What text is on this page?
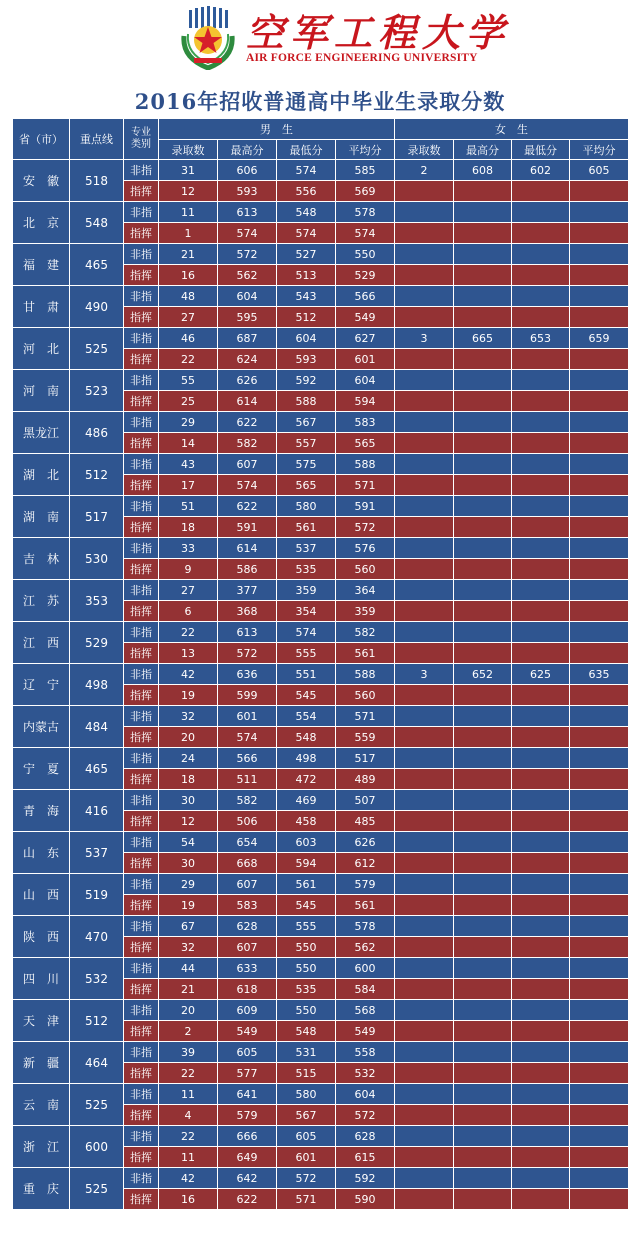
空军工程大学
AIR FORCE ENGINEERING UNIVERSITY
2016年招收普通高中毕业生录取分数
省（市）	重点线	专业
类别	男　生				女　生			
			录取数	最高分	最低分	平均分	录取数	最高分	最低分	平均分
安　徽	518	非指	31	606	574	585	2	608	602	605
		指挥	12	593	556	569				
北　京	548	非指	11	613	548	578				
		指挥	1	574	574	574				
福　建	465	非指	21	572	527	550				
		指挥	16	562	513	529				
甘　肃	490	非指	48	604	543	566				
		指挥	27	595	512	549				
河　北	525	非指	46	687	604	627	3	665	653	659
		指挥	22	624	593	601				
河　南	523	非指	55	626	592	604				
		指挥	25	614	588	594				
黑龙江	486	非指	29	622	567	583				
		指挥	14	582	557	565				
湖　北	512	非指	43	607	575	588				
		指挥	17	574	565	571				
湖　南	517	非指	51	622	580	591				
		指挥	18	591	561	572				
吉　林	530	非指	33	614	537	576				
		指挥	9	586	535	560				
江　苏	353	非指	27	377	359	364				
		指挥	6	368	354	359				
江　西	529	非指	22	613	574	582				
		指挥	13	572	555	561				
辽　宁	498	非指	42	636	551	588	3	652	625	635
		指挥	19	599	545	560				
内蒙古	484	非指	32	601	554	571				
		指挥	20	574	548	559				
宁　夏	465	非指	24	566	498	517				
		指挥	18	511	472	489				
青　海	416	非指	30	582	469	507				
		指挥	12	506	458	485				
山　东	537	非指	54	654	603	626				
		指挥	30	668	594	612				
山　西	519	非指	29	607	561	579				
		指挥	19	583	545	561				
陕　西	470	非指	67	628	555	578				
		指挥	32	607	550	562				
四　川	532	非指	44	633	550	600				
		指挥	21	618	535	584				
天　津	512	非指	20	609	550	568				
		指挥	2	549	548	549				
新　疆	464	非指	39	605	531	558				
		指挥	22	577	515	532				
云　南	525	非指	11	641	580	604				
		指挥	4	579	567	572				
浙　江	600	非指	22	666	605	628				
		指挥	11	649	601	615				
重　庆	525	非指	42	642	572	592				
		指挥	16	622	571	590				
